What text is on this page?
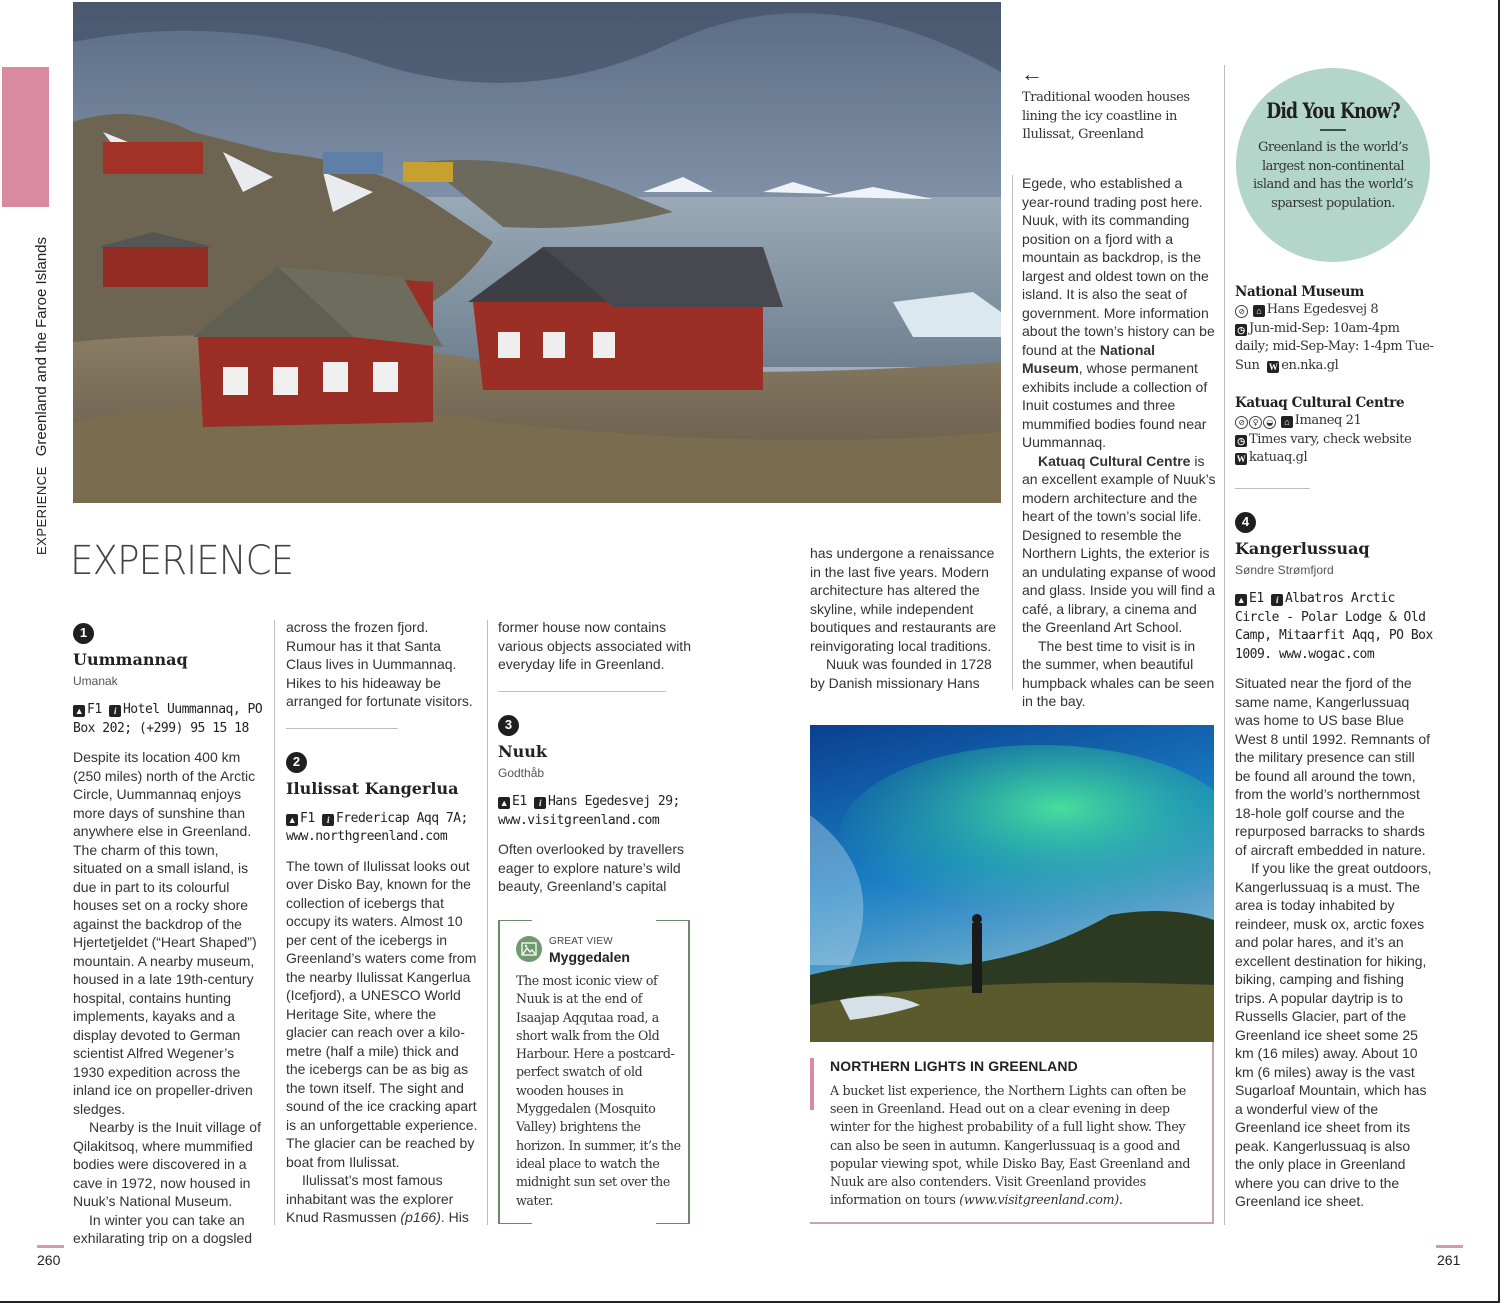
EXPERIENCE Greenland and the Faroe Islands
←
Traditional wooden houses lining the icy coastline in Ilulissat, Greenland
Did You Know?
Greenland is the world’s largest non-continental island and has the world’s sparsest population.
EXPERIENCE
1
Uummannaq
Umanak
▲ F1 i Hotel Uummannaq, PO Box 202; (+299) 95 15 18

Despite its location 400 km (250 miles) north of the Arctic Circle, Uummannaq enjoys more days of sunshine than anywhere else in Greenland. The charm of this town, situated on a small island, is due in part to its colourful houses set on a rocky shore against the backdrop of the Hjertetjeldet (“Heart Shaped”) mountain. A nearby museum, housed in a late 19th-century hospital, contains hunting implements, kayaks and a display devoted to German scientist Alfred Wegener’s 1930 expedition across the inland ice on propeller-driven sledges.

Nearby is the Inuit village of Qilakitsoq, where mummified bodies were discovered in a cave in 1972, now housed in Nuuk’s National Museum.

In winter you can take an exhilarating trip on a dogsled

across the frozen fjord. Rumour has it that Santa Claus lives in Uummannaq. Hikes to his hideaway be arranged for fortunate visitors.

2
Ilulissat Kangerlua
▲ F1 i Fredericap Aqq 7A; www.northgreenland.com

The town of Ilulissat looks out over Disko Bay, known for the collection of icebergs that occupy its waters. Almost 10 per cent of the icebergs in Greenland’s waters come from the nearby Ilulissat Kangerlua (Icefjord), a UNESCO World Heritage Site, where the glacier can reach over a kilo-metre (half a mile) thick and the icebergs can be as big as the town itself. The sight and sound of the ice cracking apart is an unforgettable experience. The glacier can be reached by boat from Ilulissat.

Ilulissat’s most famous inhabitant was the explorer Knud Rasmussen (p166). His

former house now contains various objects associated with everyday life in Greenland.

3
Nuuk
Godthåb
▲ E1 i Hans Egedesvej 29; www.visitgreenland.com

Often overlooked by travellers eager to explore nature’s wild beauty, Greenland’s capital

GREAT VIEW
Myggedalen
The most iconic view of Nuuk is at the end of Isaajap Aqqutaa road, a short walk from the Old Harbour. Here a postcard-perfect swatch of old wooden houses in Myggedalen (Mosquito Valley) brightens the horizon. In summer, it’s the ideal place to watch the midnight sun set over the water.

has undergone a renaissance in the last five years. Modern architecture has altered the skyline, while independent boutiques and restaurants are reinvigorating local traditions.

Nuuk was founded in 1728 by Danish missionary Hans

Egede, who established a year-round trading post here. Nuuk, with its commanding position on a fjord with a mountain as backdrop, is the largest and oldest town on the island. It is also the seat of government. More information about the town’s history can be found at the National Museum, whose permanent exhibits include a collection of Inuit costumes and three mummified bodies found near Uummannaq.

Katuaq Cultural Centre is an excellent example of Nuuk’s modern architecture and the heart of the town’s social life. Designed to resemble the Northern Lights, the exterior is an undulating expanse of wood and glass. Inside you will find a café, a library, a cinema and the Greenland Art School.

The best time to visit is in the summer, when beautiful humpback whales can be seen in the bay.

NORTHERN LIGHTS IN GREENLAND
A bucket list experience, the Northern Lights can often be seen in Greenland. Head out on a clear evening in deep winter for the highest probability of a full light show. They can also be seen in autumn. Kangerlussuaq is a good and popular viewing spot, while Disko Bay, East Greenland and Nuuk are also contenders. Visit Greenland provides information on tours (www.visitgreenland.com).
National Museum
⊘ ⌂ Hans Egedesvej 8
◷ Jun-mid-Sep: 10am-4pm daily; mid-Sep-May: 1-4pm Tue-Sun W en.nka.gl
Katuaq Cultural Centre
⊘ ♀ ◒ ⌂ Imaneq 21
◷ Times vary, check website
W katuaq.gl
4
Kangerlussuaq
Søndre Strømfjord
▲ E1 i Albatros Arctic Circle - Polar Lodge & Old Camp, Mitaarfit Aqq, PO Box 1009. www.wogac.com

Situated near the fjord of the same name, Kangerlussuaq was home to US base Blue West 8 until 1992. Remnants of the military presence can still be found all around the town, from the world’s northernmost 18-hole golf course and the repurposed barracks to shards of aircraft embedded in nature.

If you like the great outdoors, Kangerlussuaq is a must. The area is today inhabited by reindeer, musk ox, arctic foxes and polar hares, and it’s an excellent destination for hiking, biking, camping and fishing trips. A popular daytrip is to Russells Glacier, part of the Greenland ice sheet some 25 km (16 miles) away. About 10 km (6 miles) away is the vast Sugarloaf Mountain, which has a wonderful view of the Greenland ice sheet from its peak. Kangerlussuaq is also the only place in Greenland where you can drive to the Greenland ice sheet.

260	261
